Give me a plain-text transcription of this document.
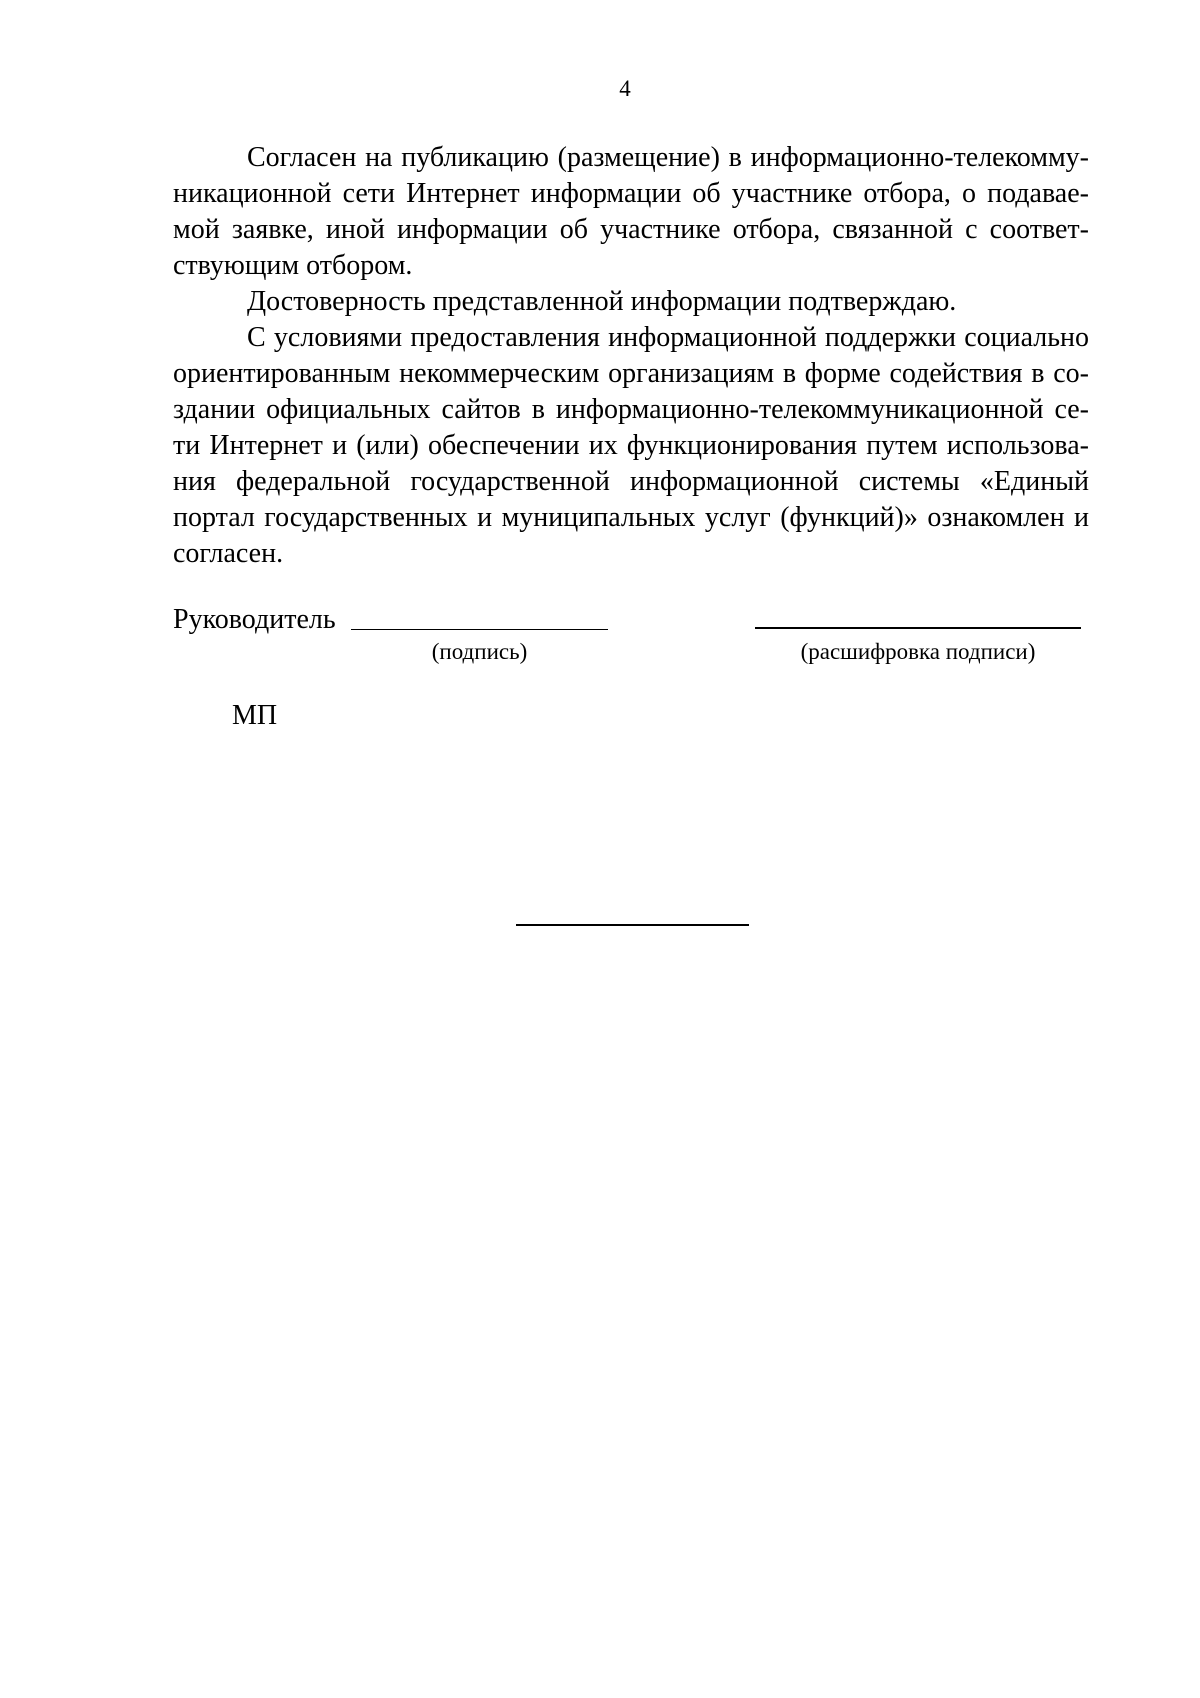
4

Согласен на публикацию (размещение) в информационно-телекомму-
никационной сети Интернет информации об участнике отбора, о подавае-
мой заявке, иной информации об участнике отбора, связанной с соответ-
ствующим отбором.

Достоверность представленной информации подтверждаю.

С условиями предоставления информационной поддержки социально
ориентированным некоммерческим организациям в форме содействия в со-
здании официальных сайтов в информационно-телекоммуникационной се-
ти Интернет и (или) обеспечении их функционирования путем использова-
ния федеральной государственной информационной системы «Единый
портал государственных и муниципальных услуг (функций)» ознакомлен и
согласен.

Руководитель

(подпись)	(расшифровка подписи)

МП
